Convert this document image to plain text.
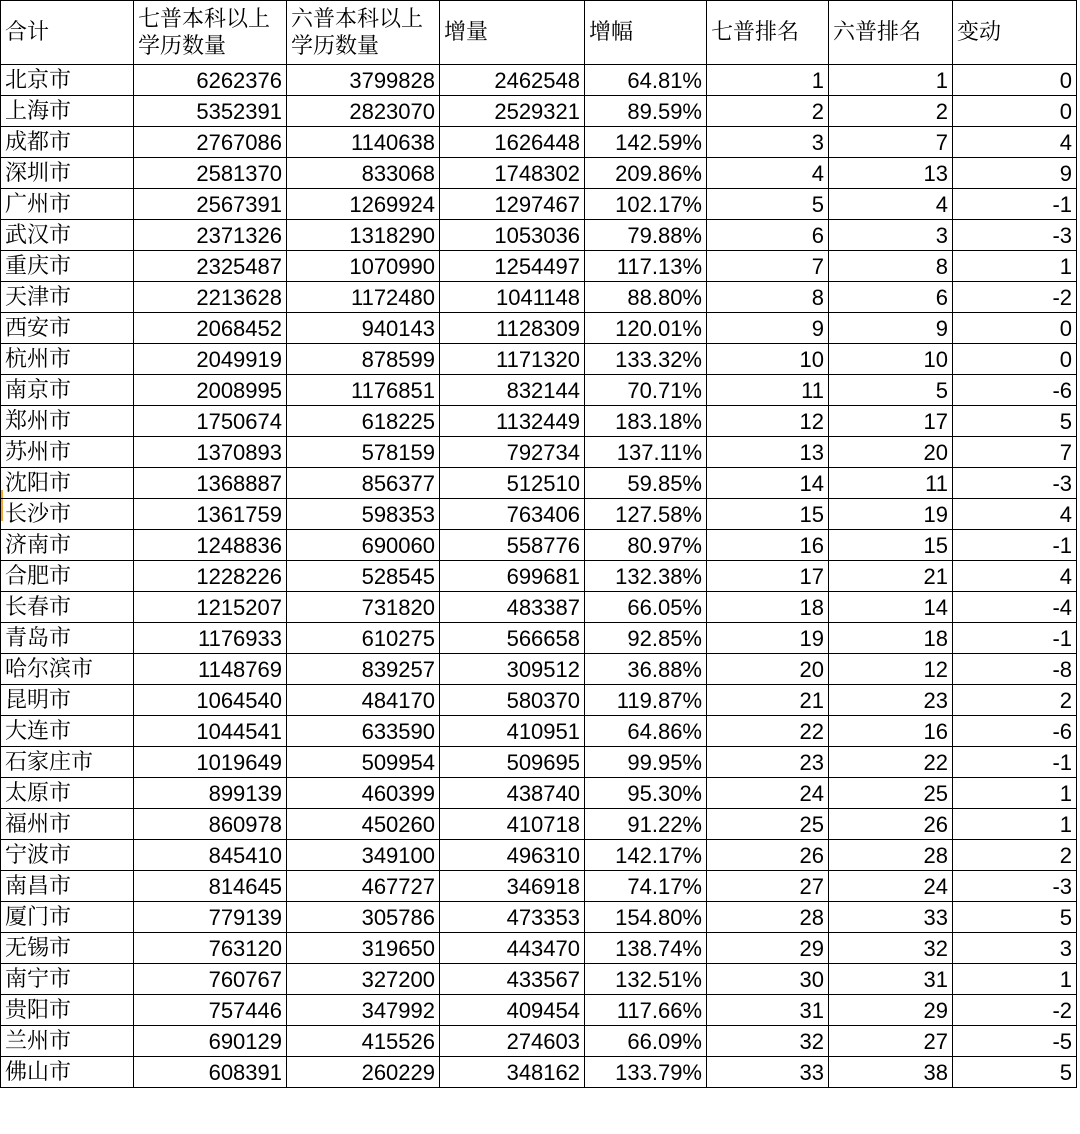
合计	七普本科以上学历数量	六普本科以上学历数量	增量	增幅	七普排名	六普排名	变动
北京市	6262376	3799828	2462548	64.81%	1	1	0
上海市	5352391	2823070	2529321	89.59%	2	2	0
成都市	2767086	1140638	1626448	142.59%	3	7	4
深圳市	2581370	833068	1748302	209.86%	4	13	9
广州市	2567391	1269924	1297467	102.17%	5	4	-1
武汉市	2371326	1318290	1053036	79.88%	6	3	-3
重庆市	2325487	1070990	1254497	117.13%	7	8	1
天津市	2213628	1172480	1041148	88.80%	8	6	-2
西安市	2068452	940143	1128309	120.01%	9	9	0
杭州市	2049919	878599	1171320	133.32%	10	10	0
南京市	2008995	1176851	832144	70.71%	11	5	-6
郑州市	1750674	618225	1132449	183.18%	12	17	5
苏州市	1370893	578159	792734	137.11%	13	20	7
沈阳市	1368887	856377	512510	59.85%	14	11	-3
长沙市	1361759	598353	763406	127.58%	15	19	4
济南市	1248836	690060	558776	80.97%	16	15	-1
合肥市	1228226	528545	699681	132.38%	17	21	4
长春市	1215207	731820	483387	66.05%	18	14	-4
青岛市	1176933	610275	566658	92.85%	19	18	-1
哈尔滨市	1148769	839257	309512	36.88%	20	12	-8
昆明市	1064540	484170	580370	119.87%	21	23	2
大连市	1044541	633590	410951	64.86%	22	16	-6
石家庄市	1019649	509954	509695	99.95%	23	22	-1
太原市	899139	460399	438740	95.30%	24	25	1
福州市	860978	450260	410718	91.22%	25	26	1
宁波市	845410	349100	496310	142.17%	26	28	2
南昌市	814645	467727	346918	74.17%	27	24	-3
厦门市	779139	305786	473353	154.80%	28	33	5
无锡市	763120	319650	443470	138.74%	29	32	3
南宁市	760767	327200	433567	132.51%	30	31	1
贵阳市	757446	347992	409454	117.66%	31	29	-2
兰州市	690129	415526	274603	66.09%	32	27	-5
佛山市	608391	260229	348162	133.79%	33	38	5
